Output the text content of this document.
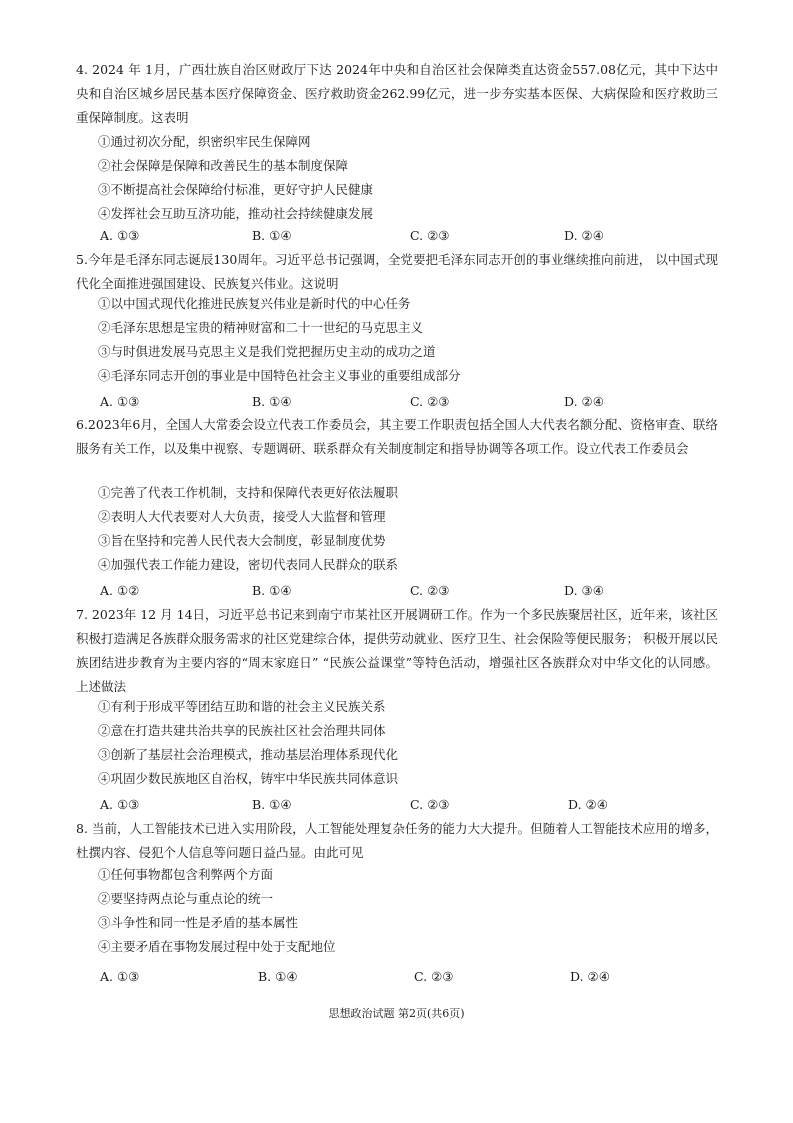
4. 2024 年 1月，广西壮族自治区财政厅下达 2024年中央和自治区社会保障类直达资金557.08亿元，其中下达中央和自治区城乡居民基本医疗保障资金、医疗救助资金262.99亿元，进一步夯实基本医保、大病保险和医疗救助三重保障制度。这表明
①通过初次分配，织密织牢民生保障网
②社会保障是保障和改善民生的基本制度保障
③不断提高社会保障给付标准，更好守护人民健康
④发挥社会互助互济功能，推动社会持续健康发展
A. ①③	B. ①④	C. ②③	D. ②④
5.今年是毛泽东同志诞辰130周年。习近平总书记强调，全党要把毛泽东同志开创的事业继续推向前进， 以中国式现代化全面推进强国建设、民族复兴伟业。这说明
①以中国式现代化推进民族复兴伟业是新时代的中心任务
②毛泽东思想是宝贵的精神财富和二十一世纪的马克思主义
③与时俱进发展马克思主义是我们党把握历史主动的成功之道
④毛泽东同志开创的事业是中国特色社会主义事业的重要组成部分
A. ①③	B. ①④	C. ②③	D. ②④
6.2023年6月，全国人大常委会设立代表工作委员会，其主要工作职责包括全国人大代表名额分配、资格审查、联络服务有关工作，以及集中视察、专题调研、联系群众有关制度制定和指导协调等各项工作。设立代表工作委员会
①完善了代表工作机制，支持和保障代表更好依法履职
②表明人大代表要对人大负责，接受人大监督和管理
③旨在坚持和完善人民代表大会制度，彰显制度优势
④加强代表工作能力建设，密切代表同人民群众的联系
A. ①②	B. ①④	C. ②③	D. ③④
7. 2023年 12 月 14日，习近平总书记来到南宁市某社区开展调研工作。作为一个多民族聚居社区，近年来，该社区积极打造满足各族群众服务需求的社区党建综合体，提供劳动就业、医疗卫生、社会保险等便民服务； 积极开展以民族团结进步教育为主要内容的“周末家庭日” “民族公益课堂”等特色活动，增强社区各族群众对中华文化的认同感。上述做法
①有利于形成平等团结互助和谐的社会主义民族关系
②意在打造共建共治共享的民族社区社会治理共同体
③创新了基层社会治理模式，推动基层治理体系现代化
④巩固少数民族地区自治权，铸牢中华民族共同体意识
A. ①③	B. ①④	C. ②③	D. ②④
8. 当前，人工智能技术已进入实用阶段，人工智能处理复杂任务的能力大大提升。但随着人工智能技术应用的增多，杜撰内容、侵犯个人信息等问题日益凸显。由此可见
①任何事物都包含利弊两个方面
②要坚持两点论与重点论的统一
③斗争性和同一性是矛盾的基本属性
④主要矛盾在事物发展过程中处于支配地位
A. ①③	B. ①④	C. ②③	D. ②④
思想政治试题 第2页(共6页)
